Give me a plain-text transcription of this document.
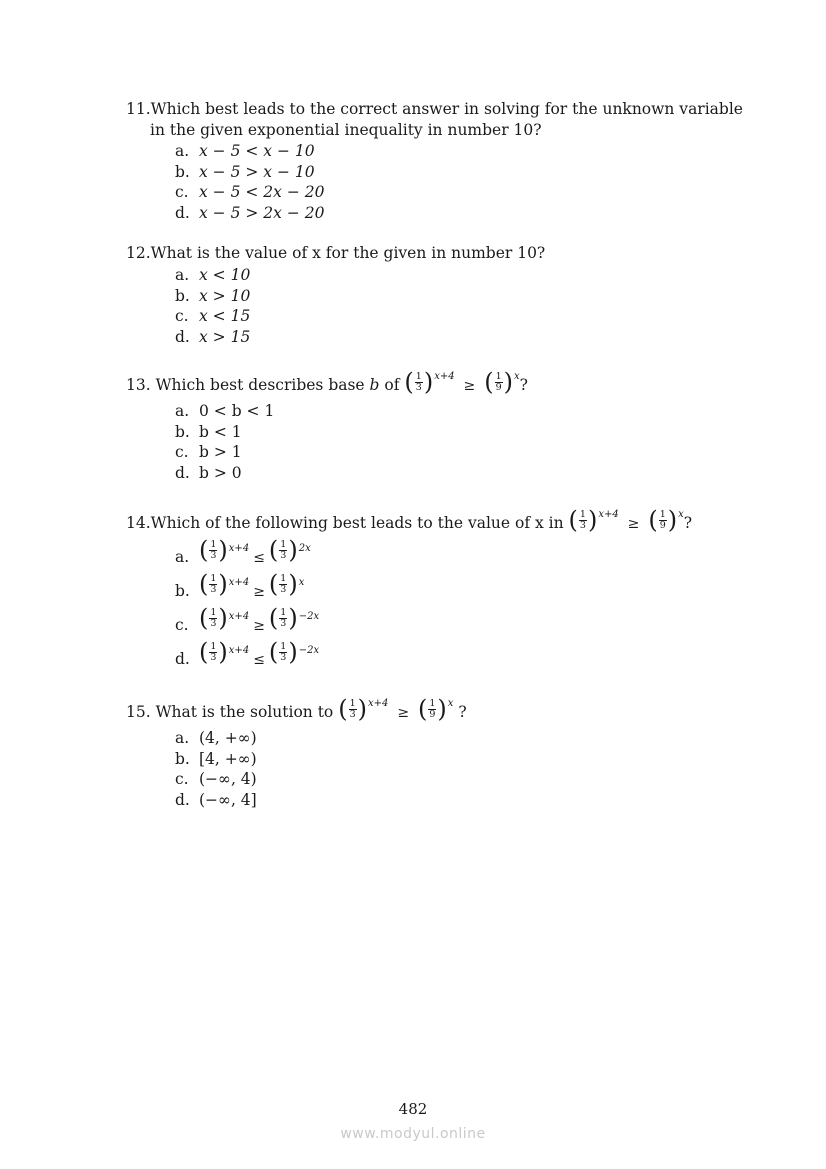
11.Which best leads to the correct answer in solving for the unknown variable
in the given exponential inequality in number 10?
a. x − 5 < x − 10
b. x − 5 > x − 10
c. x − 5 < 2x − 20
d. x − 5 > 2x − 20
12.What is the value of x for the given in number 10?
a. x < 10
b. x > 10
c. x < 15
d. x > 15
13. Which best describes base b of ( 1
3 ) x+4
≥ ( 1
9 ) x ?
a. 0 < b < 1
b. b < 1
c. b > 1
d. b > 0
14.Which of the following best leads to the value of x in ( 1
3 ) x+4
≥ ( 1
9 ) x ?
a. ( 1
3 ) x+4
≤ ( 1
3 ) 2x
b. ( 1
3 ) x+4
≥ ( 1
3 ) x
c. ( 1
3 ) x+4
≥ ( 1
3 ) −2x
d. ( 1
3 ) x+4
≤ ( 1
3 ) −2x
15. What is the solution to ( 1
3 ) x+4
≥ ( 1
9 ) x ?
a. (4, +∞)
b. [4, +∞)
c. (−∞, 4)
d. (−∞, 4]
482
www.modyul.online
